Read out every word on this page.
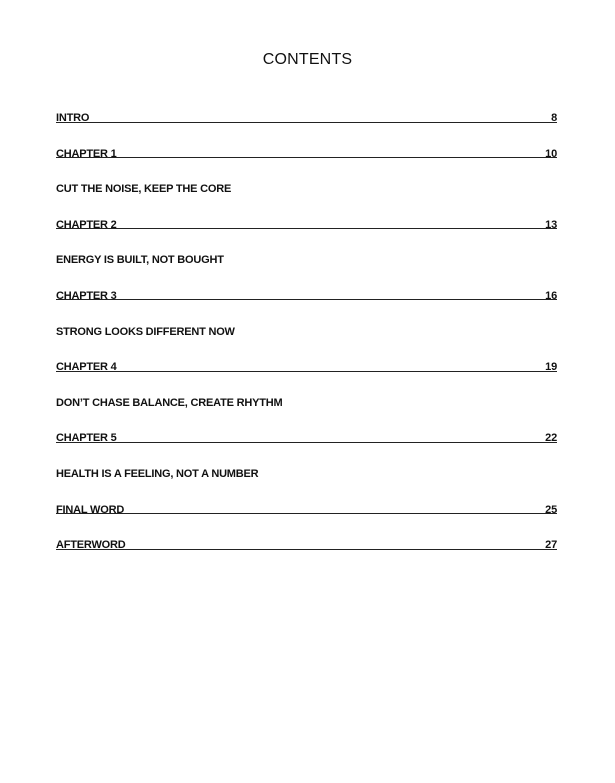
CONTENTS
INTRO	8
CHAPTER 1	10
CUT THE NOISE, KEEP THE CORE
CHAPTER 2	13
ENERGY IS BUILT, NOT BOUGHT
CHAPTER 3	16
STRONG LOOKS DIFFERENT NOW
CHAPTER 4	19
DON’T CHASE BALANCE, CREATE RHYTHM
CHAPTER 5	22
HEALTH IS A FEELING, NOT A NUMBER
FINAL WORD	25
AFTERWORD	27
